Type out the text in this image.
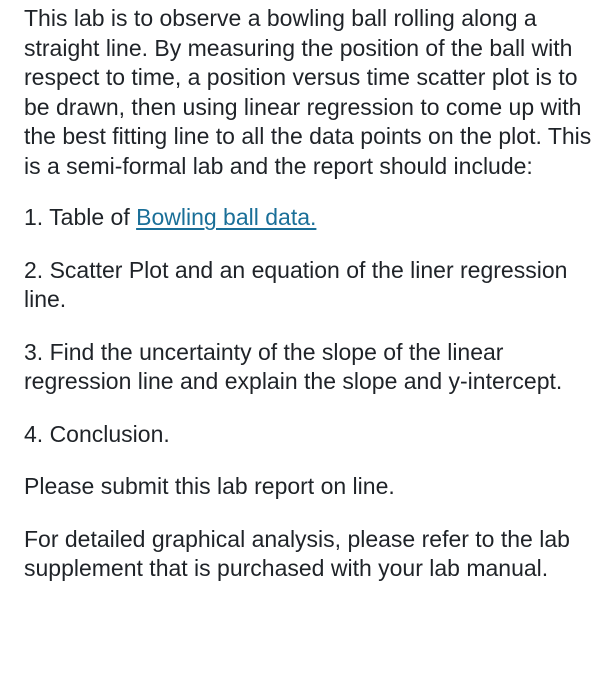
This lab is to observe a bowling ball rolling along a straight line. By measuring the position of the ball with respect to time, a position versus time scatter plot is to be drawn, then using linear regression to come up with the best fitting line to all the data points on the plot. This is a semi-formal lab and the report should include:

1. Table of Bowling ball data.

2. Scatter Plot and an equation of the liner regression line.

3. Find the uncertainty of the slope of the linear regression line and explain the slope and y-intercept.

4. Conclusion.

Please submit this lab report on line.

For detailed graphical analysis, please refer to the lab supplement that is purchased with your lab manual.
